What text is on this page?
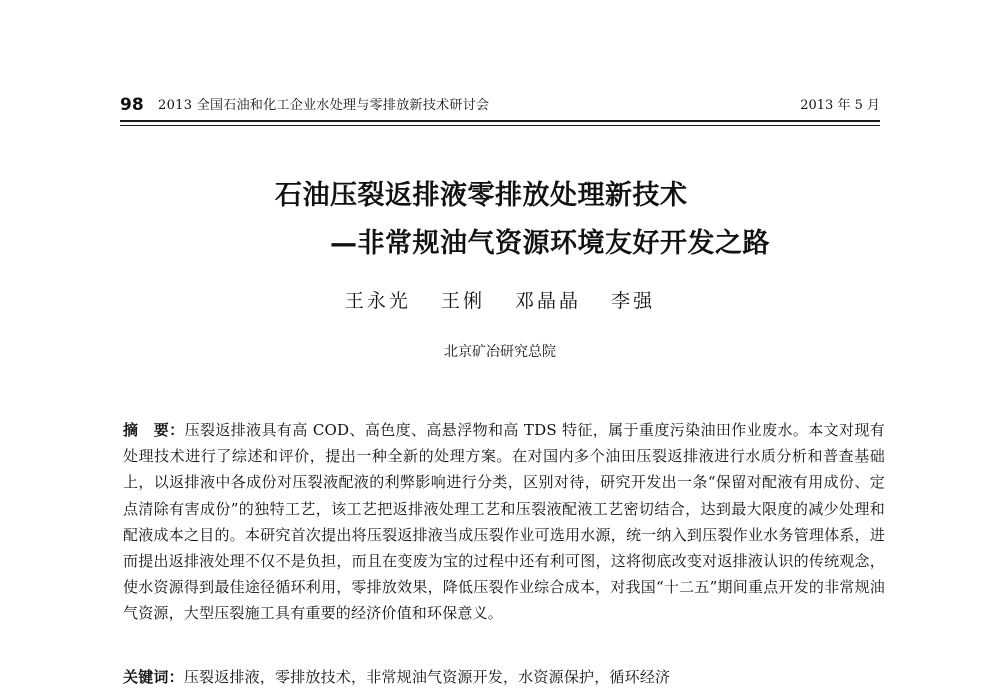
98 2013 全国石油和化工企业水处理与零排放新技术研讨会	2013 年 5 月
石油压裂返排液零排放处理新技术
—非常规油气资源环境友好开发之路
王永光 王俐 邓晶晶 李强
北京矿冶研究总院
摘　要：压裂返排液具有高 COD、高色度、高悬浮物和高 TDS 特征，属于重度污染油田作业废水。本文对现有处理技术进行了综述和评价，提出一种全新的处理方案。在对国内多个油田压裂返排液进行水质分析和普查基础上，以返排液中各成份对压裂液配液的利弊影响进行分类，区别对待，研究开发出一条“保留对配液有用成份、定点清除有害成份”的独特工艺，该工艺把返排液处理工艺和压裂液配液工艺密切结合，达到最大限度的减少处理和配液成本之目的。本研究首次提出将压裂返排液当成压裂作业可选用水源，统一纳入到压裂作业水务管理体系，进而提出返排液处理不仅不是负担，而且在变废为宝的过程中还有利可图，这将彻底改变对返排液认识的传统观念，使水资源得到最佳途径循环利用，零排放效果，降低压裂作业综合成本，对我国“十二五”期间重点开发的非常规油气资源，大型压裂施工具有重要的经济价值和环保意义。
关键词：压裂返排液，零排放技术，非常规油气资源开发，水资源保护，循环经济
